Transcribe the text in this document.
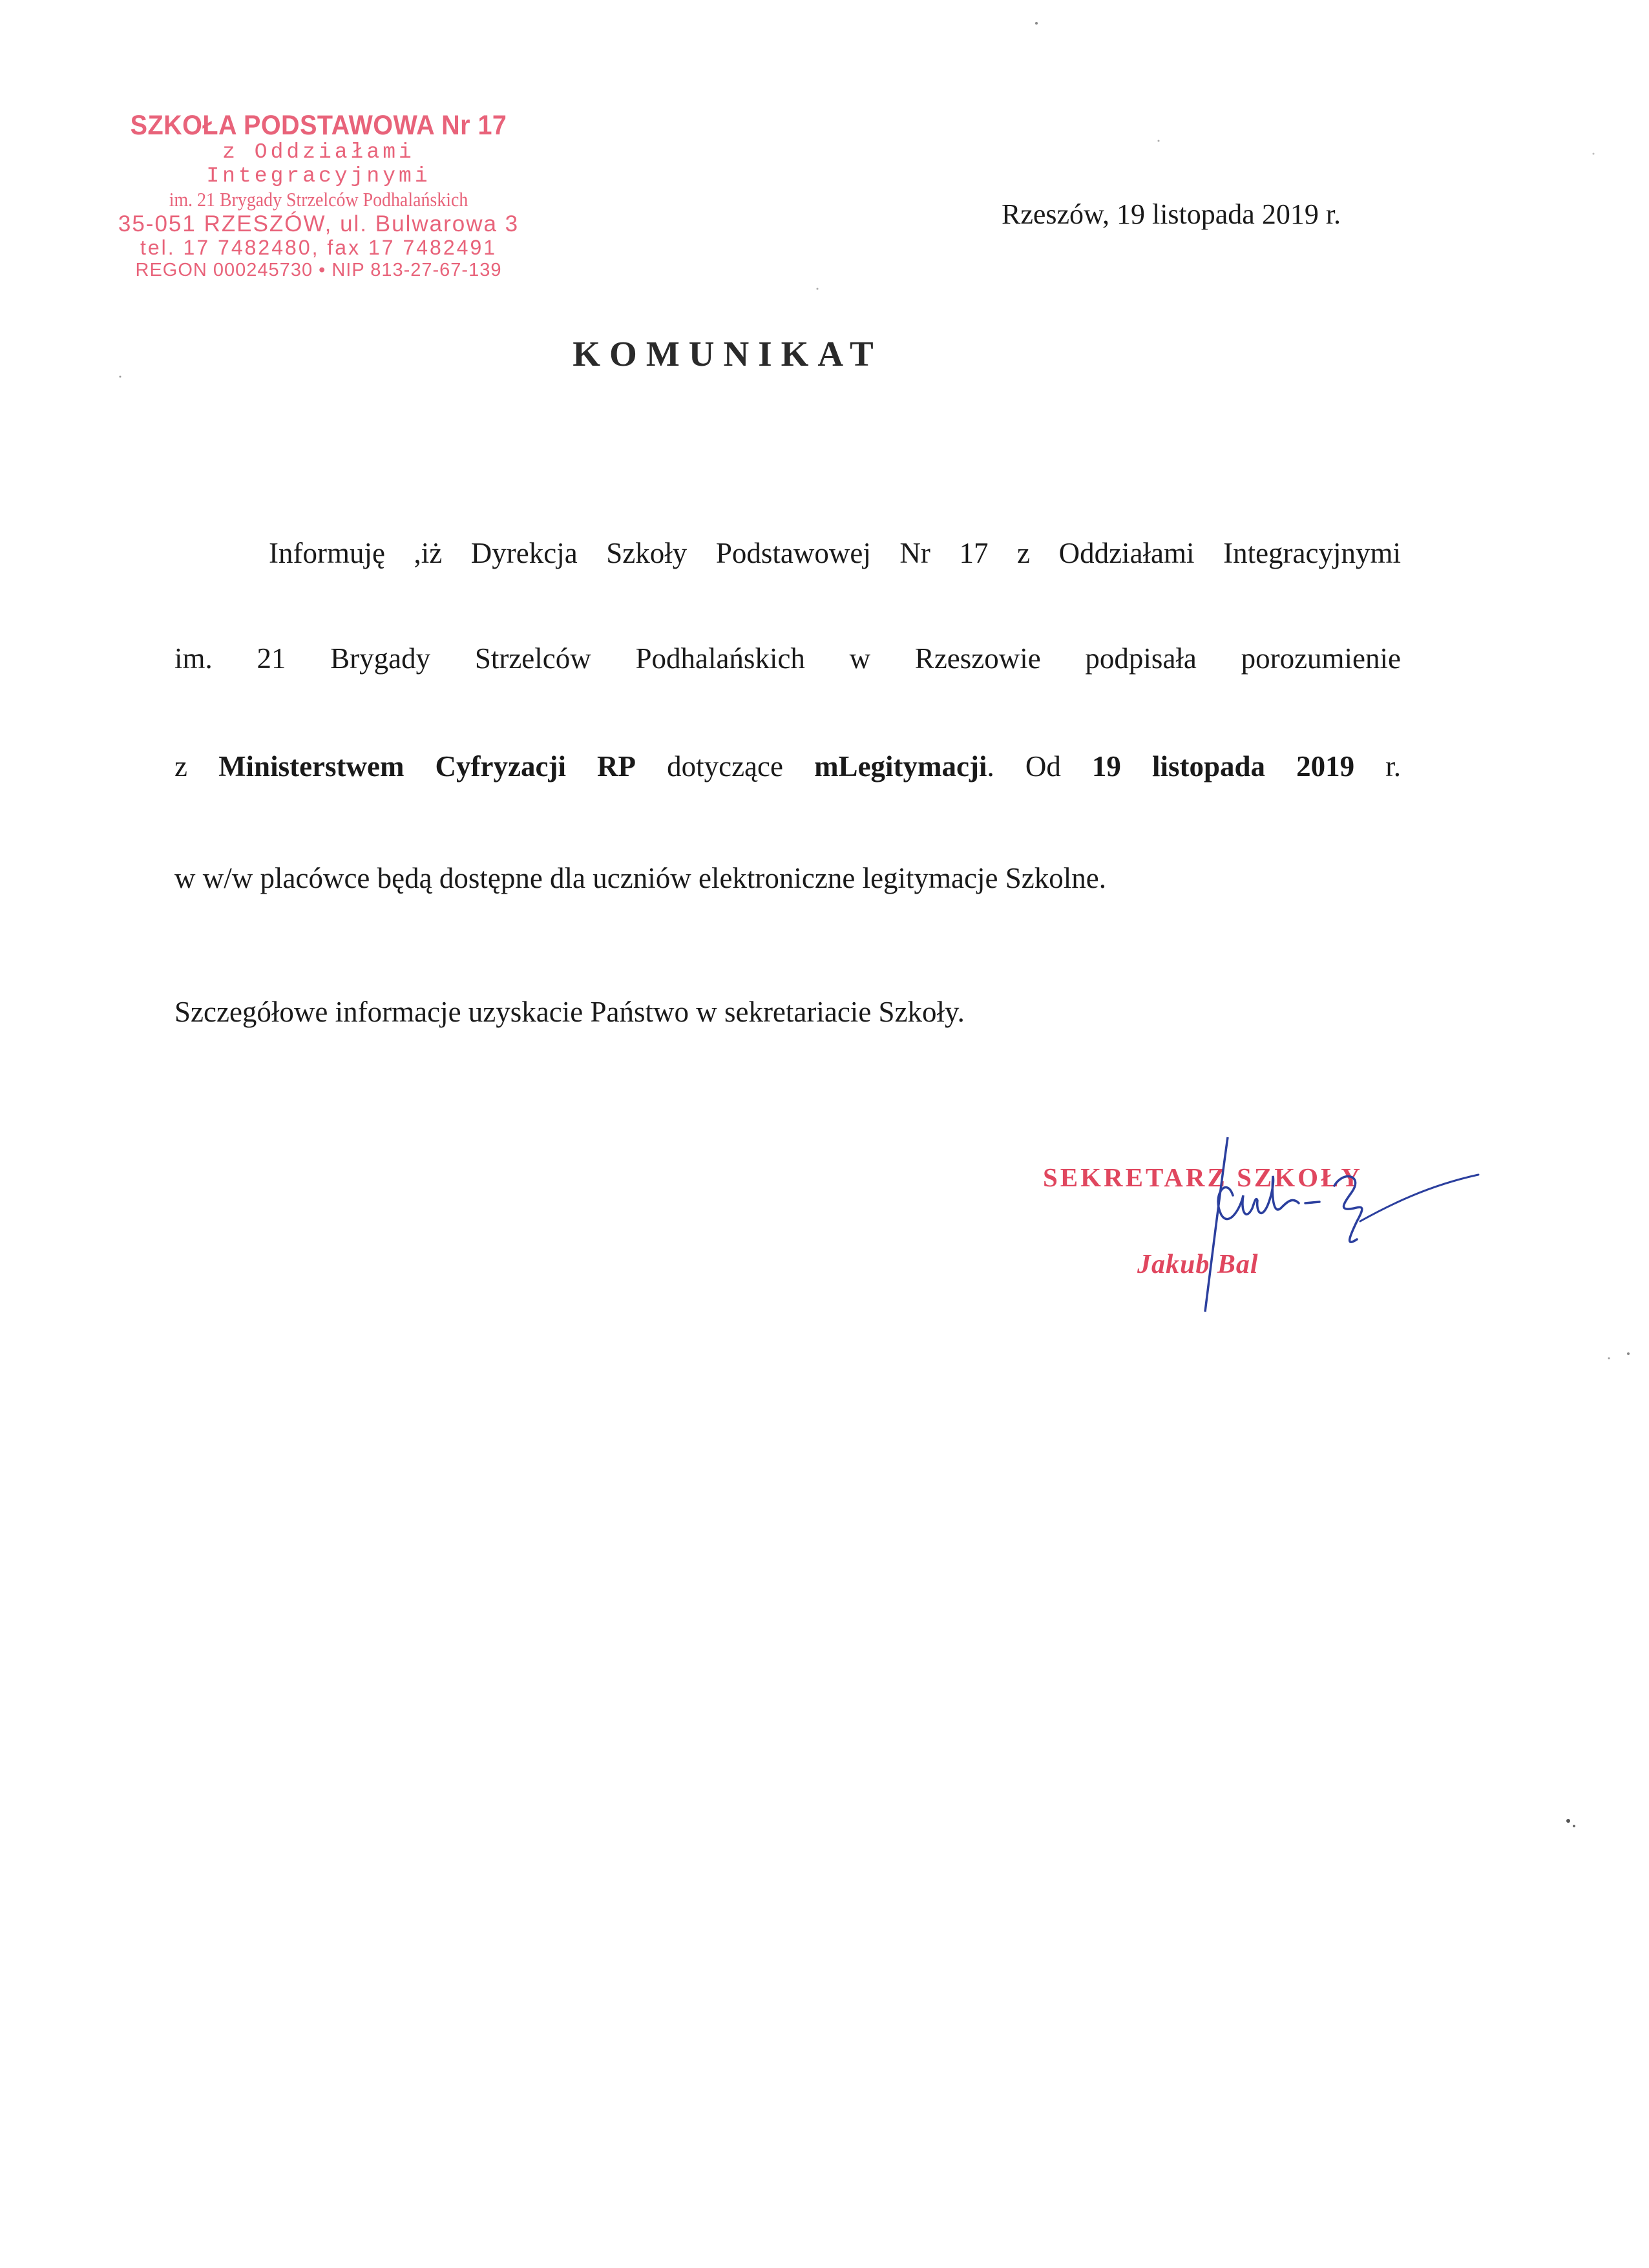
SZKOŁA PODSTAWOWA Nr 17
z Oddziałami Integracyjnymi
im. 21 Brygady Strzelców Podhalańskich
35-051 RZESZÓW, ul. Bulwarowa 3
tel. 17 7482480, fax 17 7482491
REGON 000245730 • NIP 813-27-67-139
Rzeszów, 19 listopada 2019 r.
KOMUNIKAT
Informuję ,iż Dyrekcja Szkoły Podstawowej Nr 17 z Oddziałami Integracyjnymi
im. 21 Brygady Strzelców Podhalańskich w Rzeszowie podpisała porozumienie
z Ministerstwem Cyfryzacji RP dotyczące mLegitymacji. Od 19 listopada 2019 r.
w w/w placówce będą dostępne dla uczniów elektroniczne legitymacje Szkolne.
Szczegółowe informacje uzyskacie Państwo w sekretariacie Szkoły.
SEKRETARZ SZKOŁY
Jakub Bal
